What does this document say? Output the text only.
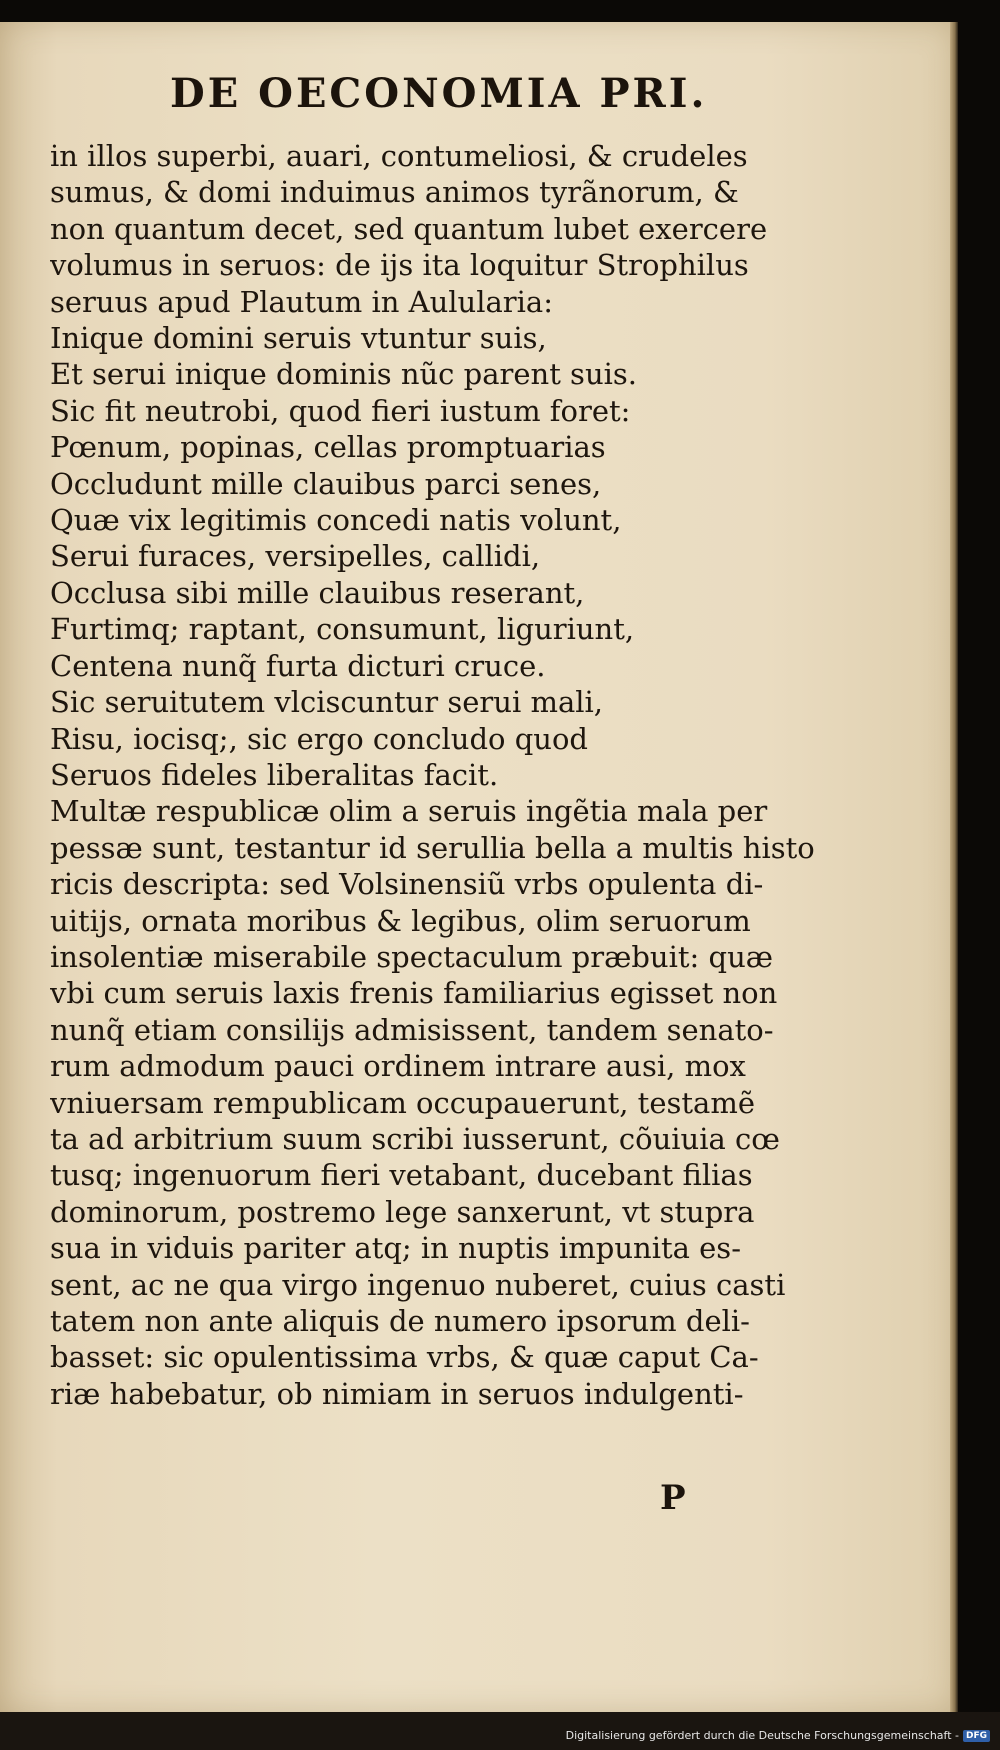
DE OECONOMIA PRI.
in illos superbi, auari, contumeliosi, & crudeles
sumus, & domi induimus animos tyrãnorum, &
non quantum decet, sed quantum lubet exercere
volumus in seruos: de ijs ita loquitur Strophilus
seruus apud Plautum in Aulularia:
Inique domini seruis vtuntur suis,
Et serui inique dominis nũc parent suis.
Sic fit neutrobi, quod fieri iustum foret:
Pœnum, popinas, cellas promptuarias
Occludunt mille clauibus parci senes,
Quæ vix legitimis concedi natis volunt,
Serui furaces, versipelles, callidi,
Occlusa sibi mille clauibus reserant,
Furtimq; raptant, consumunt, liguriunt,
Centena nunq̃ furta dicturi cruce.
Sic seruitutem vlciscuntur serui mali,
Risu, iocisq;, sic ergo concludo quod
Seruos fideles liberalitas facit.
Multæ respublicæ olim a seruis ingẽtia mala per
pessæ sunt, testantur id serullia bella a multis histo
ricis descripta: sed Volsinensiũ vrbs opulenta di-
uitijs, ornata moribus & legibus, olim seruorum
insolentiæ miserabile spectaculum præbuit: quæ
vbi cum seruis laxis frenis familiarius egisset non
nunq̃ etiam consilijs admisissent, tandem senato-
rum admodum pauci ordinem intrare ausi, mox
vniuersam rempublicam occupauerunt, testamẽ
ta ad arbitrium suum scribi iusserunt, cõuiuia cœ
tusq; ingenuorum fieri vetabant, ducebant filias
dominorum, postremo lege sanxerunt, vt stupra
sua in viduis pariter atq; in nuptis impunita es-
sent, ac ne qua virgo ingenuo nuberet, cuius casti
tatem non ante aliquis de numero ipsorum deli-
basset: sic opulentissima vrbs, & quæ caput Ca-
riæ habebatur, ob nimiam in seruos indulgenti-
P
Digitalisierung gefördert durch die Deutsche Forschungsgemeinschaft - DFG
